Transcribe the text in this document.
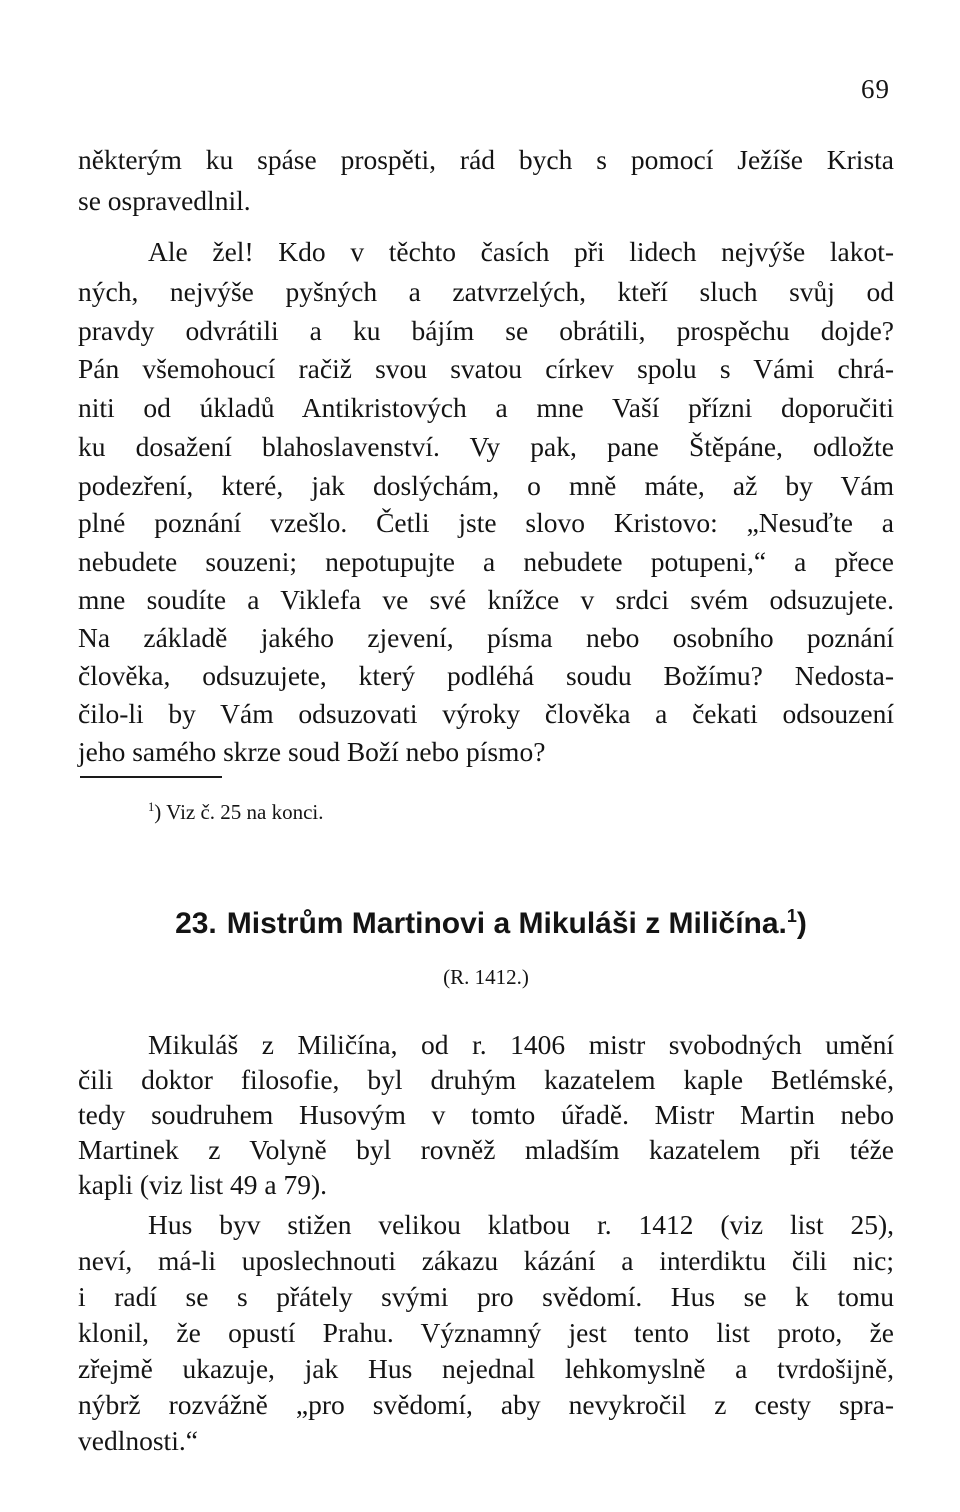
69
některým ku spáse prospěti, rád bych s pomocí Ježíše Krista
se ospravedlnil.
Ale žel! Kdo v těchto časích při lidech nejvýše lakot-
ných, nejvýše pyšných a zatvrzelých, kteří sluch svůj od
pravdy odvrátili a ku bájím se obrátili, prospěchu dojde?
Pán všemohoucí račiž svou svatou církev spolu s Vámi chrá-
niti od úkladů Antikristových a mne Vaší přízni doporučiti
ku dosažení blahoslavenství. Vy pak, pane Štěpáne, odložte
podezření, které, jak doslýchám, o mně máte, až by Vám
plné poznání vzešlo. Četli jste slovo Kristovo: „Nesuďte a
nebudete souzeni; nepotupujte a nebudete potupeni,“ a přece
mne soudíte a Viklefa ve své knížce v srdci svém odsuzujete.
Na základě jakého zjevení, písma nebo osobního poznání
člověka, odsuzujete, který podléhá soudu Božímu? Nedosta-
čilo-li by Vám odsuzovati výroky člověka a čekati odsouzení
jeho samého skrze soud Boží nebo písmo?
$^1$) Viz č. 25 na konci.
23. Mistrům Martinovi a Mikuláši z Miličína.$^1$)
(R. 1412.)
Mikuláš z Miličína, od r. 1406 mistr svobodných umění
čili doktor filosofie, byl druhým kazatelem kaple Betlémské,
tedy soudruhem Husovým v tomto úřadě. Mistr Martin nebo
Martinek z Volyně byl rovněž mladším kazatelem při téže
kapli (viz list 49 a 79).
Hus byv stižen velikou klatbou r. 1412 (viz list 25),
neví, má-li uposlechnouti zákazu kázání a interdiktu čili nic;
i radí se s přátely svými pro svědomí. Hus se k tomu
klonil, že opustí Prahu. Významný jest tento list proto, že
zřejmě ukazuje, jak Hus nejednal lehkomyslně a tvrdošijně,
nýbrž rozvážně „pro svědomí, aby nevykročil z cesty spra-
vedlnosti.“
